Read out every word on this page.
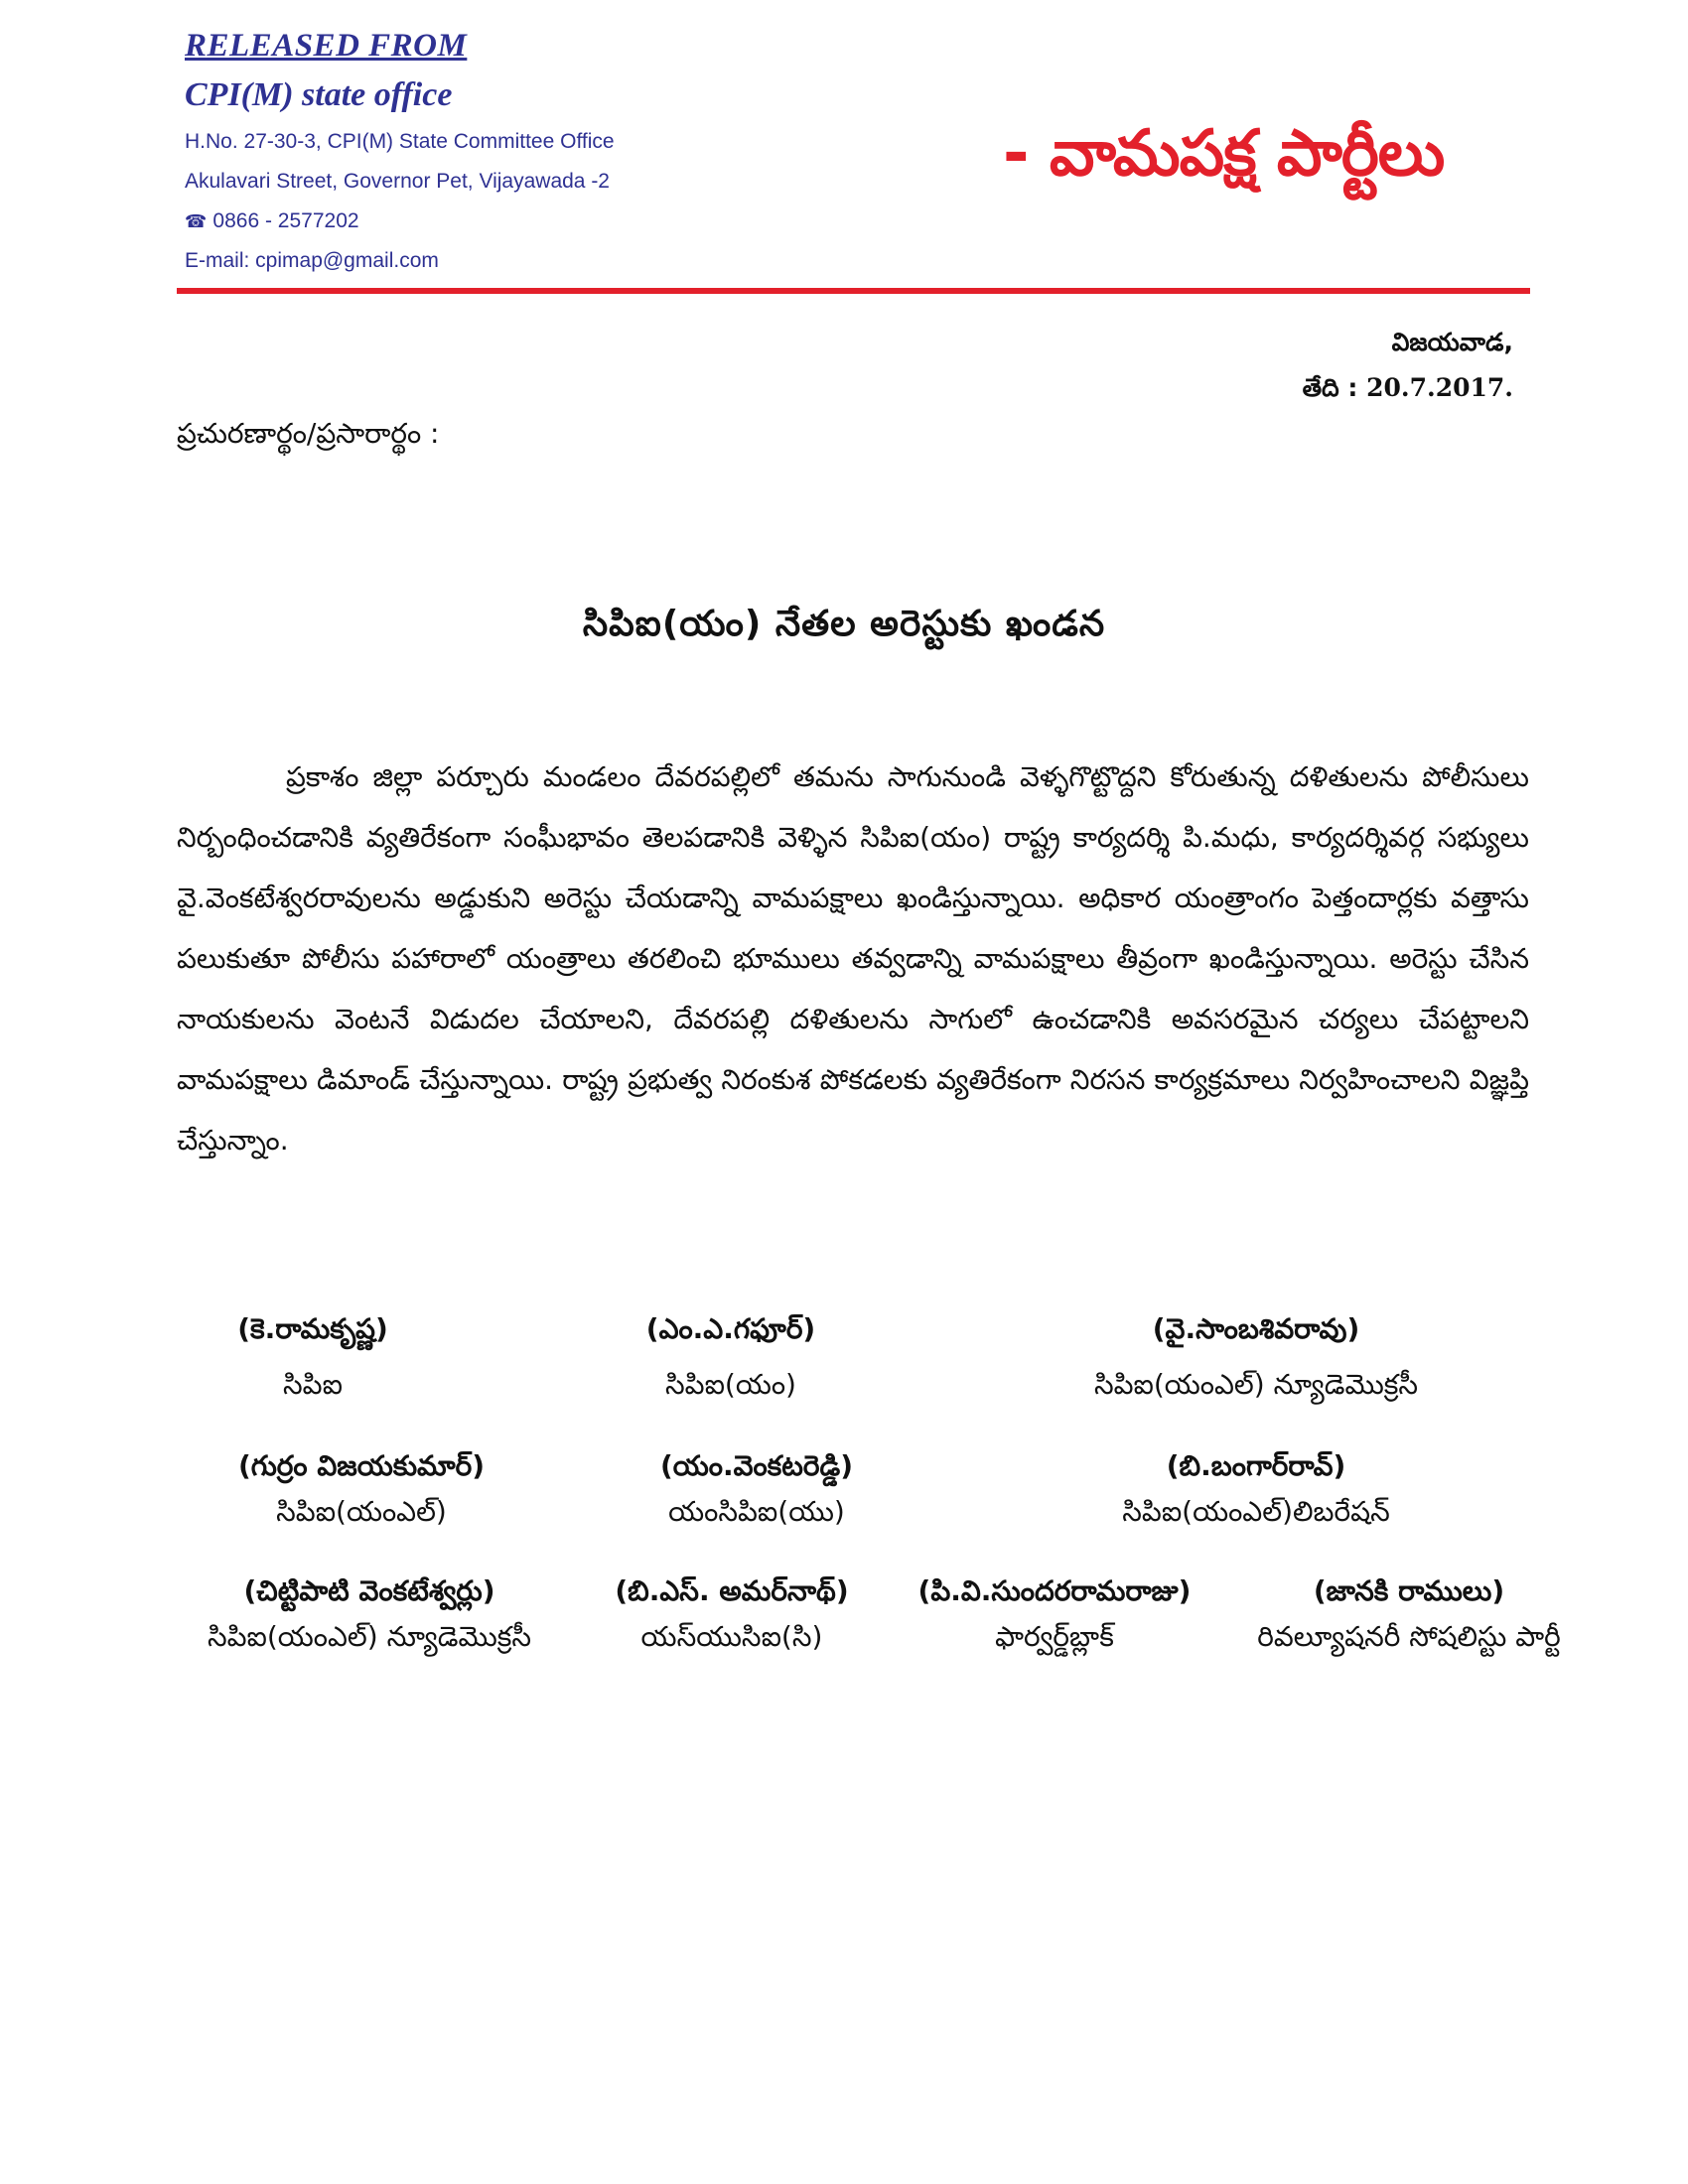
RELEASED FROM
CPI(M) state office
H.No. 27-30-3, CPI(M) State Committee Office
Akulavari Street, Governor Pet, Vijayawada -2
☎ 0866 - 2577202
E-mail: cpimap@gmail.com
- వామపక్ష పార్టీలు
విజయవాడ,
తేది : 20.7.2017.
ప్రచురణార్థం/ప్రసారార్థం :
సిపిఐ(యం) నేతల అరెస్టుకు ఖండన
ప్రకాశం జిల్లా పర్చూరు మండలం దేవరపల్లిలో తమను సాగునుండి వెళ్ళగొట్టొద్దని కోరుతున్న దళితులను పోలీసులు నిర్బంధించడానికి వ్యతిరేకంగా సంఘీభావం తెలపడానికి వెళ్ళిన సిపిఐ(యం) రాష్ట్ర కార్యదర్శి పి.మధు, కార్యదర్శివర్గ సభ్యులు వై.వెంకటేశ్వరరావులను అడ్డుకుని అరెస్టు చేయడాన్ని వామపక్షాలు ఖండిస్తున్నాయి. అధికార యంత్రాంగం పెత్తందార్లకు వత్తాసు పలుకుతూ పోలీసు పహారాలో యంత్రాలు తరలించి భూములు తవ్వడాన్ని వామపక్షాలు తీవ్రంగా ఖండిస్తున్నాయి. అరెస్టు చేసిన నాయకులను వెంటనే విడుదల చేయాలని, దేవరపల్లి దళితులను సాగులో ఉంచడానికి అవసరమైన చర్యలు చేపట్టాలని వామపక్షాలు డిమాండ్ చేస్తున్నాయి. రాష్ట్ర ప్రభుత్వ నిరంకుశ పోకడలకు వ్యతిరేకంగా నిరసన కార్యక్రమాలు నిర్వహించాలని విజ్ఞప్తి చేస్తున్నాం.
(కె.రామకృష్ణ)
సిపిఐ
(ఎం.ఎ.గఫూర్)
సిపిఐ(యం)
(వై.సాంబశివరావు)
సిపిఐ(యంఎల్) న్యూడెమొక్రసీ
(గుర్రం విజయకుమార్)
సిపిఐ(యంఎల్)
(యం.వెంకటరెడ్డి)
యంసిపిఐ(యు)
(బి.బంగార్‌రావ్)
సిపిఐ(యంఎల్)లిబరేషన్
(చిట్టిపాటి వెంకటేశ్వర్లు)
సిపిఐ(యంఎల్) న్యూడెమొక్రసీ
(బి.ఎస్. అమర్‌నాథ్)
యస్‌యుసిఐ(సి)
(పి.వి.సుందరరామరాజు)
ఫార్వర్డ్‌బ్లాక్
(జానకి రాములు)
రివల్యూషనరీ సోషలిస్టు పార్టీ
